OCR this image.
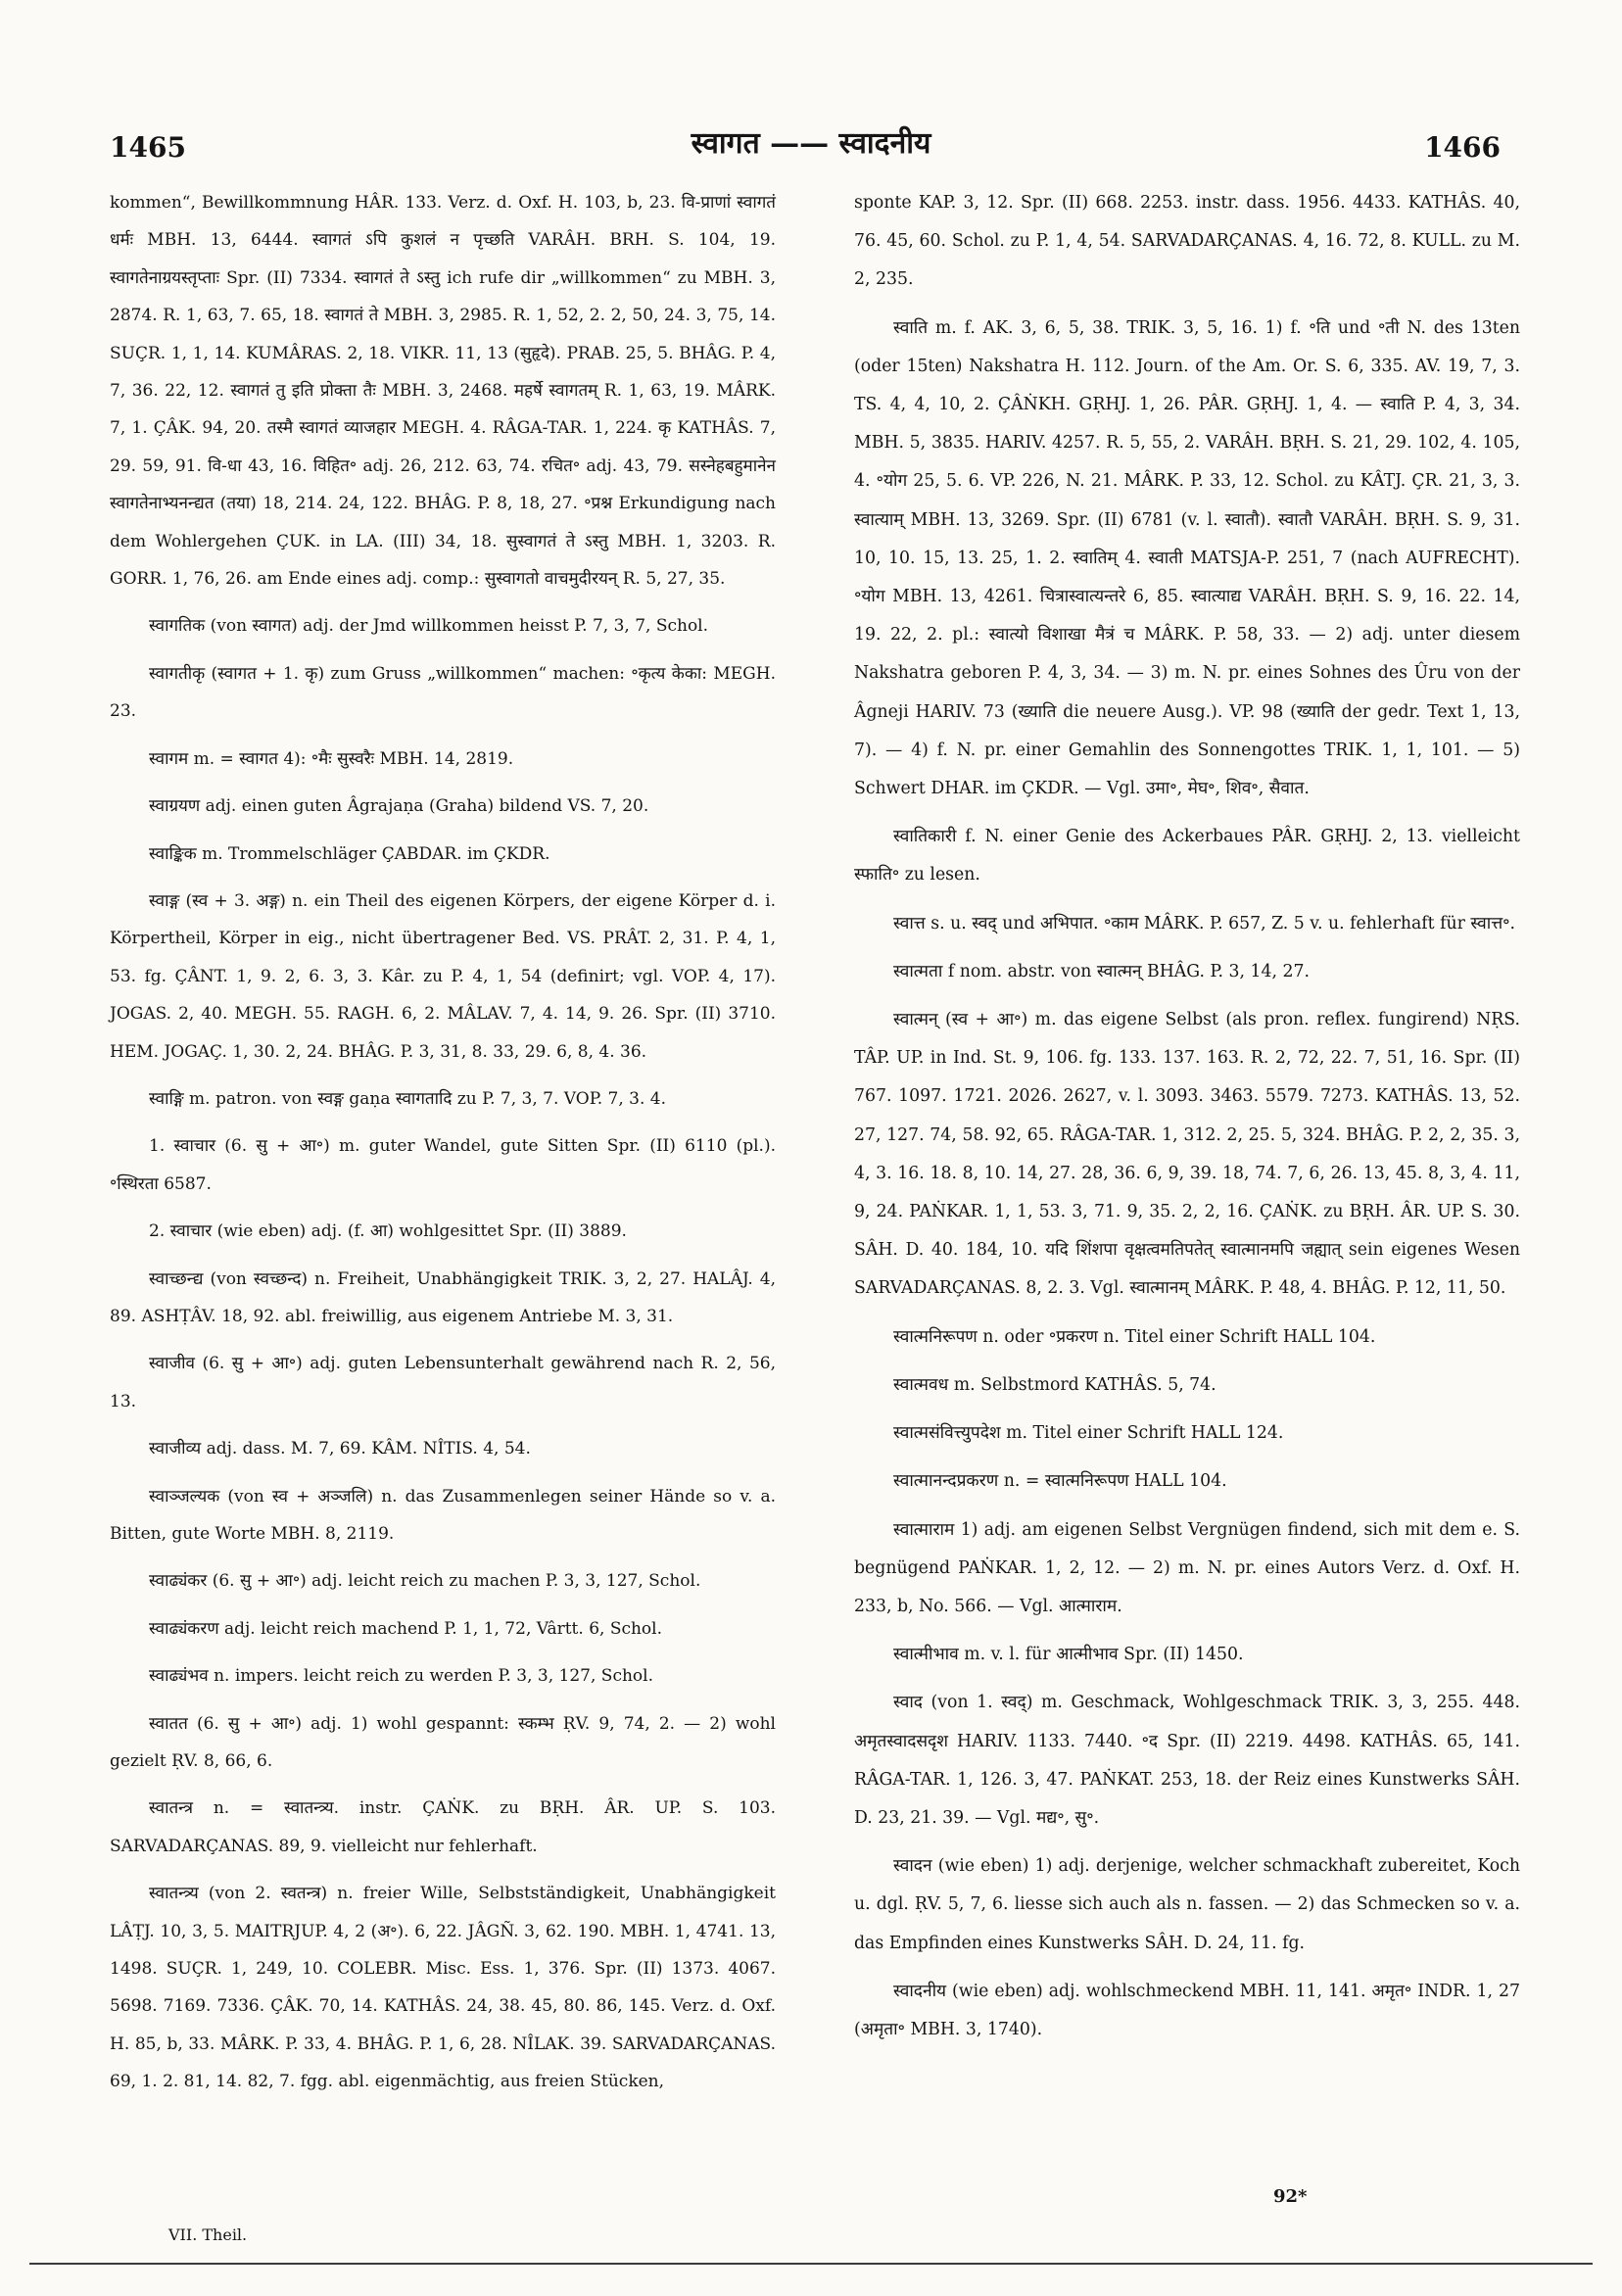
1465	स्वागत —— स्वादनीय	1466

kommen“, Bewillkommnung HÂR. 133. Verz. d. Oxf. H. 103, b, 23. वि-प्राणां स्वागतं धर्मः MBH. 13, 6444. स्वागतं ऽपि कुशलं न पृच्छति VARÂH. BRH. S. 104, 19. स्वागतेनाग्रयस्तृप्ताः Spr. (II) 7334. स्वागतं ते ऽस्तु ich rufe dir „willkommen“ zu MBH. 3, 2874. R. 1, 63, 7. 65, 18. स्वागतं ते MBH. 3, 2985. R. 1, 52, 2. 2, 50, 24. 3, 75, 14. SUÇR. 1, 1, 14. KUMÂRAS. 2, 18. VIKR. 11, 13 (सुहृदे). PRAB. 25, 5. BHÂG. P. 4, 7, 36. 22, 12. स्वागतं तु इति प्रोक्ता तैः MBH. 3, 2468. महर्षे स्वागतम् R. 1, 63, 19. MÂRK. 7, 1. ÇÂK. 94, 20. तस्मै स्वागतं व्याजहार MEGH. 4. RÂGA-TAR. 1, 224. कृ KATHÂS. 7, 29. 59, 91. वि-धा 43, 16. विहित॰ adj. 26, 212. 63, 74. रचित॰ adj. 43, 79. सस्नेहबहुमानेन स्वागतेनाभ्यनन्द्यत (तया) 18, 214. 24, 122. BHÂG. P. 8, 18, 27. ॰प्रश्न Erkundigung nach dem Wohlergehen ÇUK. in LA. (III) 34, 18. सुस्वागतं ते ऽस्तु MBH. 1, 3203. R. GORR. 1, 76, 26. am Ende eines adj. comp.: सुस्वागतो वाचमुदीरयन् R. 5, 27, 35.

स्वागतिक (von स्वागत) adj. der Jmd willkommen heisst P. 7, 3, 7, Schol.

स्वागतीकृ (स्वागत + 1. कृ) zum Gruss „willkommen“ machen: ॰कृत्य केका: MEGH. 23.

स्वागम m. = स्वागत 4): ॰मैः सुस्वरैः MBH. 14, 2819.

स्वाग्रयण adj. einen guten Âgrajaṇa (Graha) bildend VS. 7, 20.

स्वाङ्किक m. Trommelschläger ÇABDAR. im ÇKDR.

स्वाङ्ग (स्व + 3. अङ्ग) n. ein Theil des eigenen Körpers, der eigene Körper d. i. Körpertheil, Körper in eig., nicht übertragener Bed. VS. PRÂT. 2, 31. P. 4, 1, 53. fg. ÇÂNT. 1, 9. 2, 6. 3, 3. Kâr. zu P. 4, 1, 54 (definirt; vgl. VOP. 4, 17). JOGAS. 2, 40. MEGH. 55. RAGH. 6, 2. MÂLAV. 7, 4. 14, 9. 26. Spr. (II) 3710. HEM. JOGAÇ. 1, 30. 2, 24. BHÂG. P. 3, 31, 8. 33, 29. 6, 8, 4. 36.

स्वाङ्गि m. patron. von स्वङ्ग gaṇa स्वागतादि zu P. 7, 3, 7. VOP. 7, 3. 4.

1. स्वाचार (6. सु + आ॰) m. guter Wandel, gute Sitten Spr. (II) 6110 (pl.). ॰स्थिरता 6587.

2. स्वाचार (wie eben) adj. (f. आ) wohlgesittet Spr. (II) 3889.

स्वाच्छन्द्य (von स्वच्छन्द) n. Freiheit, Unabhängigkeit TRIK. 3, 2, 27. HALÂJ. 4, 89. ASHṬÂV. 18, 92. abl. freiwillig, aus eigenem Antriebe M. 3, 31.

स्वाजीव (6. सु + आ॰) adj. guten Lebensunterhalt gewährend nach R. 2, 56, 13.

स्वाजीव्य adj. dass. M. 7, 69. KÂM. NÎTIS. 4, 54.

स्वाञ्जल्यक (von स्व + अञ्जलि) n. das Zusammenlegen seiner Hände so v. a. Bitten, gute Worte MBH. 8, 2119.

स्वाढ्यंकर (6. सु + आ॰) adj. leicht reich zu machen P. 3, 3, 127, Schol.

स्वाढ्यंकरण adj. leicht reich machend P. 1, 1, 72, Vârtt. 6, Schol.

स्वाढ्यंभव n. impers. leicht reich zu werden P. 3, 3, 127, Schol.

स्वातत (6. सु + आ॰) adj. 1) wohl gespannt: स्कम्भ ṚV. 9, 74, 2. — 2) wohl gezielt ṚV. 8, 66, 6.

स्वातन्त्र n. = स्वातन्त्र्य. instr. ÇAṄK. zu BṚH. ÂR. UP. S. 103. SARVADARÇANAS. 89, 9. vielleicht nur fehlerhaft.

स्वातन्त्र्य (von 2. स्वतन्त्र) n. freier Wille, Selbstständigkeit, Unabhängigkeit LÂṬJ. 10, 3, 5. MAITRJUP. 4, 2 (अ॰). 6, 22. JÂGÑ. 3, 62. 190. MBH. 1, 4741. 13, 1498. SUÇR. 1, 249, 10. COLEBR. Misc. Ess. 1, 376. Spr. (II) 1373. 4067. 5698. 7169. 7336. ÇÂK. 70, 14. KATHÂS. 24, 38. 45, 80. 86, 145. Verz. d. Oxf. H. 85, b, 33. MÂRK. P. 33, 4. BHÂG. P. 1, 6, 28. NÎLAK. 39. SARVADARÇANAS. 69, 1. 2. 81, 14. 82, 7. fgg. abl. eigenmächtig, aus freien Stücken,

sponte KAP. 3, 12. Spr. (II) 668. 2253. instr. dass. 1956. 4433. KATHÂS. 40, 76. 45, 60. Schol. zu P. 1, 4, 54. SARVADARÇANAS. 4, 16. 72, 8. KULL. zu M. 2, 235.

स्वाति m. f. AK. 3, 6, 5, 38. TRIK. 3, 5, 16. 1) f. ॰ति und ॰ती N. des 13ten (oder 15ten) Nakshatra H. 112. Journ. of the Am. Or. S. 6, 335. AV. 19, 7, 3. TS. 4, 4, 10, 2. ÇÂṄKH. GṚHJ. 1, 26. PÂR. GṚHJ. 1, 4. — स्वाति P. 4, 3, 34. MBH. 5, 3835. HARIV. 4257. R. 5, 55, 2. VARÂH. BṚH. S. 21, 29. 102, 4. 105, 4. ॰योग 25, 5. 6. VP. 226, N. 21. MÂRK. P. 33, 12. Schol. zu KÂTJ. ÇR. 21, 3, 3. स्वात्याम् MBH. 13, 3269. Spr. (II) 6781 (v. l. स्वातौ). स्वातौ VARÂH. BṚH. S. 9, 31. 10, 10. 15, 13. 25, 1. 2. स्वातिम् 4. स्वाती MATSJA-P. 251, 7 (nach AUFRECHT). ॰योग MBH. 13, 4261. चित्रास्वात्यन्तरे 6, 85. स्वात्याद्य VARÂH. BṚH. S. 9, 16. 22. 14, 19. 22, 2. pl.: स्वात्यो विशाखा मैत्रं च MÂRK. P. 58, 33. — 2) adj. unter diesem Nakshatra geboren P. 4, 3, 34. — 3) m. N. pr. eines Sohnes des Ûru von der Âgneji HARIV. 73 (ख्याति die neuere Ausg.). VP. 98 (ख्याति der gedr. Text 1, 13, 7). — 4) f. N. pr. einer Gemahlin des Sonnengottes TRIK. 1, 1, 101. — 5) Schwert DHAR. im ÇKDR. — Vgl. उमा॰, मेघ॰, शिव॰, सैवात.

स्वातिकारी f. N. einer Genie des Ackerbaues PÂR. GṚHJ. 2, 13. vielleicht स्फाति॰ zu lesen.

स्वात्त s. u. स्वद् und अभिपात. ॰काम MÂRK. P. 657, Z. 5 v. u. fehlerhaft für स्वात्त॰.

स्वात्मता f nom. abstr. von स्वात्मन् BHÂG. P. 3, 14, 27.

स्वात्मन् (स्व + आ॰) m. das eigene Selbst (als pron. reflex. fungirend) NṚS. TÂP. UP. in Ind. St. 9, 106. fg. 133. 137. 163. R. 2, 72, 22. 7, 51, 16. Spr. (II) 767. 1097. 1721. 2026. 2627, v. l. 3093. 3463. 5579. 7273. KATHÂS. 13, 52. 27, 127. 74, 58. 92, 65. RÂGA-TAR. 1, 312. 2, 25. 5, 324. BHÂG. P. 2, 2, 35. 3, 4, 3. 16. 18. 8, 10. 14, 27. 28, 36. 6, 9, 39. 18, 74. 7, 6, 26. 13, 45. 8, 3, 4. 11, 9, 24. PAṄKAR. 1, 1, 53. 3, 71. 9, 35. 2, 2, 16. ÇAṄK. zu BṚH. ÂR. UP. S. 30. SÂH. D. 40. 184, 10. यदि शिंशपा वृक्षत्वमतिपतेत् स्वात्मानमपि जह्यात् sein eigenes Wesen SARVADARÇANAS. 8, 2. 3. Vgl. स्वात्मानम् MÂRK. P. 48, 4. BHÂG. P. 12, 11, 50.

स्वात्मनिरूपण n. oder ॰प्रकरण n. Titel einer Schrift HALL 104.

स्वात्मवध m. Selbstmord KATHÂS. 5, 74.

स्वात्मसंवित्त्युपदेश m. Titel einer Schrift HALL 124.

स्वात्मानन्दप्रकरण n. = स्वात्मनिरूपण HALL 104.

स्वात्माराम 1) adj. am eigenen Selbst Vergnügen findend, sich mit dem e. S. begnügend PAṄKAR. 1, 2, 12. — 2) m. N. pr. eines Autors Verz. d. Oxf. H. 233, b, No. 566. — Vgl. आत्माराम.

स्वात्मीभाव m. v. l. für आत्मीभाव Spr. (II) 1450.

स्वाद (von 1. स्वद्) m. Geschmack, Wohlgeschmack TRIK. 3, 3, 255. 448. अमृतस्वादसदृश HARIV. 1133. 7440. ॰द Spr. (II) 2219. 4498. KATHÂS. 65, 141. RÂGA-TAR. 1, 126. 3, 47. PAṄKAT. 253, 18. der Reiz eines Kunstwerks SÂH. D. 23, 21. 39. — Vgl. मद्य॰, सु॰.

स्वादन (wie eben) 1) adj. derjenige, welcher schmackhaft zubereitet, Koch u. dgl. ṚV. 5, 7, 6. liesse sich auch als n. fassen. — 2) das Schmecken so v. a. das Empfinden eines Kunstwerks SÂH. D. 24, 11. fg.

स्वादनीय (wie eben) adj. wohlschmeckend MBH. 11, 141. अमृत॰ INDR. 1, 27 (अमृता॰ MBH. 3, 1740).

VII. Theil.
92*
